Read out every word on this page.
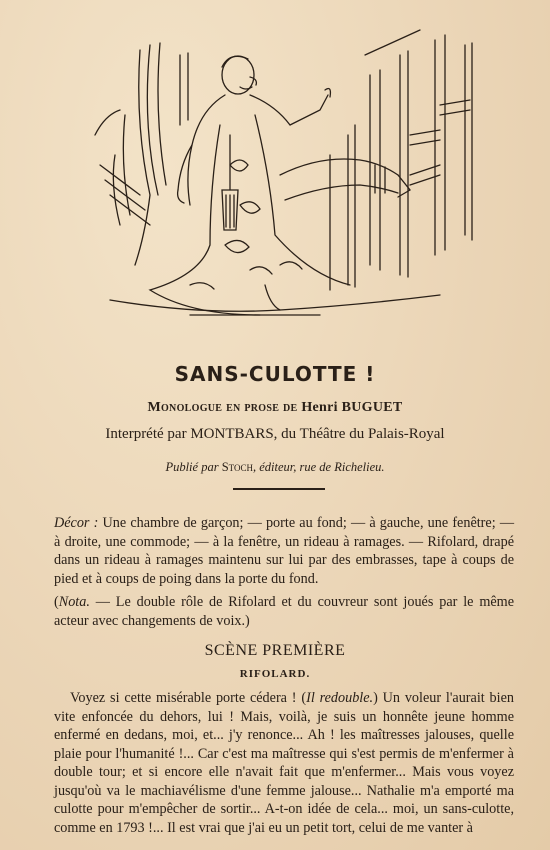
SANS-CULOTTE !
Monologue en prose de Henri BUGUET
Interprété par MONTBARS, du Théâtre du Palais-Royal
Publié par Stoch, éditeur, rue de Richelieu.

Décor : Une chambre de garçon; — porte au fond; — à gauche, une fenêtre; — à droite, une commode; — à la fenêtre, un rideau à ramages. — Rifolard, drapé dans un rideau à ramages maintenu sur lui par des embrasses, tape à coups de pied et à coups de poing dans la porte du fond.

(Nota. — Le double rôle de Rifolard et du couvreur sont joués par le même acteur avec changements de voix.)

SCÈNE PREMIÈRE
RIFOLARD.

Voyez si cette misérable porte cédera ! (Il redouble.) Un voleur l'aurait bien vite enfoncée du dehors, lui ! Mais, voilà, je suis un honnête jeune homme enfermé en dedans, moi, et... j'y renonce... Ah ! les maîtresses jalouses, quelle plaie pour l'humanité !... Car c'est ma maîtresse qui s'est permis de m'enfermer à double tour; et si encore elle n'avait fait que m'enfermer... Mais vous voyez jusqu'où va le machiavélisme d'une femme jalouse... Nathalie m'a emporté ma culotte pour m'empêcher de sortir... A-t-on idée de cela... moi, un sans-culotte, comme en 1793 !... Il est vrai que j'ai eu un petit tort, celui de me vanter à
